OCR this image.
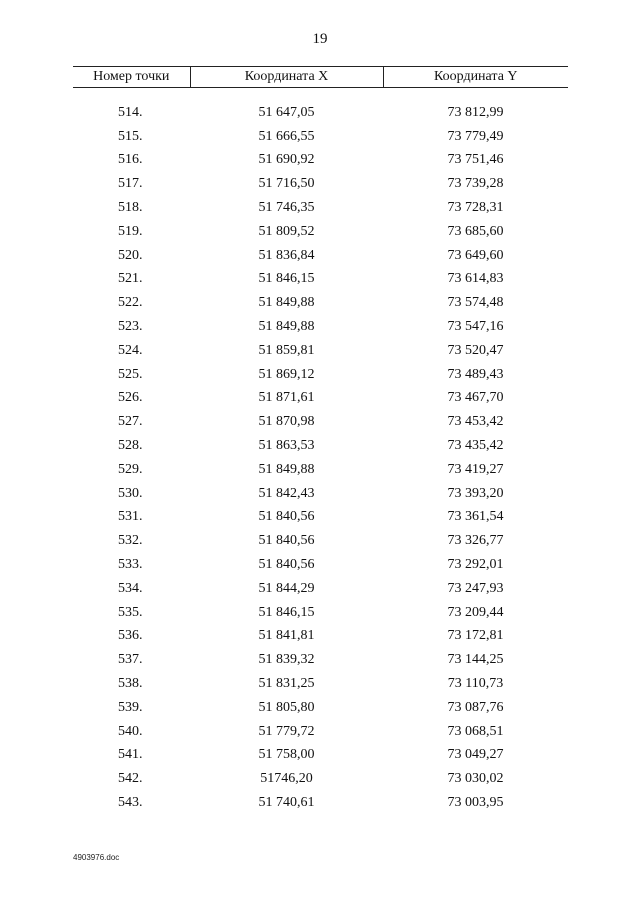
19
Номер точки	Координата X	Координата Y

514.	51 647,05	73 812,99
515.	51 666,55	73 779,49
516.	51 690,92	73 751,46
517.	51 716,50	73 739,28
518.	51 746,35	73 728,31
519.	51 809,52	73 685,60
520.	51 836,84	73 649,60
521.	51 846,15	73 614,83
522.	51 849,88	73 574,48
523.	51 849,88	73 547,16
524.	51 859,81	73 520,47
525.	51 869,12	73 489,43
526.	51 871,61	73 467,70
527.	51 870,98	73 453,42
528.	51 863,53	73 435,42
529.	51 849,88	73 419,27
530.	51 842,43	73 393,20
531.	51 840,56	73 361,54
532.	51 840,56	73 326,77
533.	51 840,56	73 292,01
534.	51 844,29	73 247,93
535.	51 846,15	73 209,44
536.	51 841,81	73 172,81
537.	51 839,32	73 144,25
538.	51 831,25	73 110,73
539.	51 805,80	73 087,76
540.	51 779,72	73 068,51
541.	51 758,00	73 049,27
542.	51746,20	73 030,02
543.	51 740,61	73 003,95
4903976.doc
